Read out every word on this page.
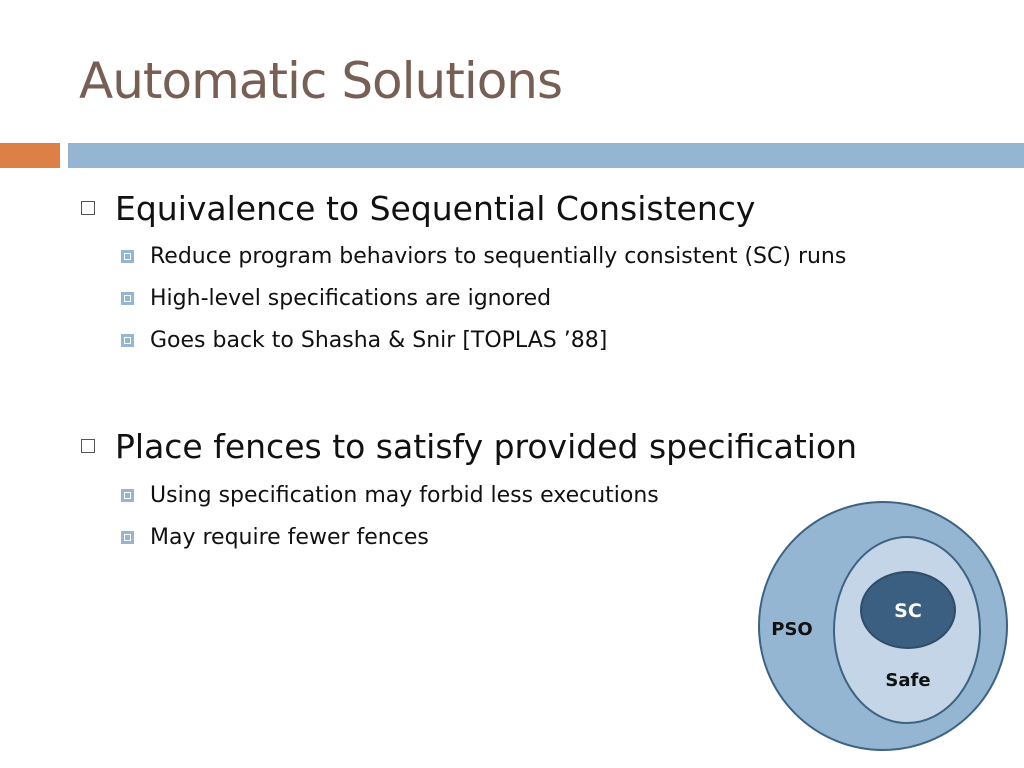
Automatic Solutions
Equivalence to Sequential Consistency
Reduce program behaviors to sequentially consistent (SC) runs
High-level specifications are ignored
Goes back to Shasha & Snir [TOPLAS ’88]
Place fences to satisfy provided specification
Using specification may forbid less executions
May require fewer fences
SC
PSO
Safe
